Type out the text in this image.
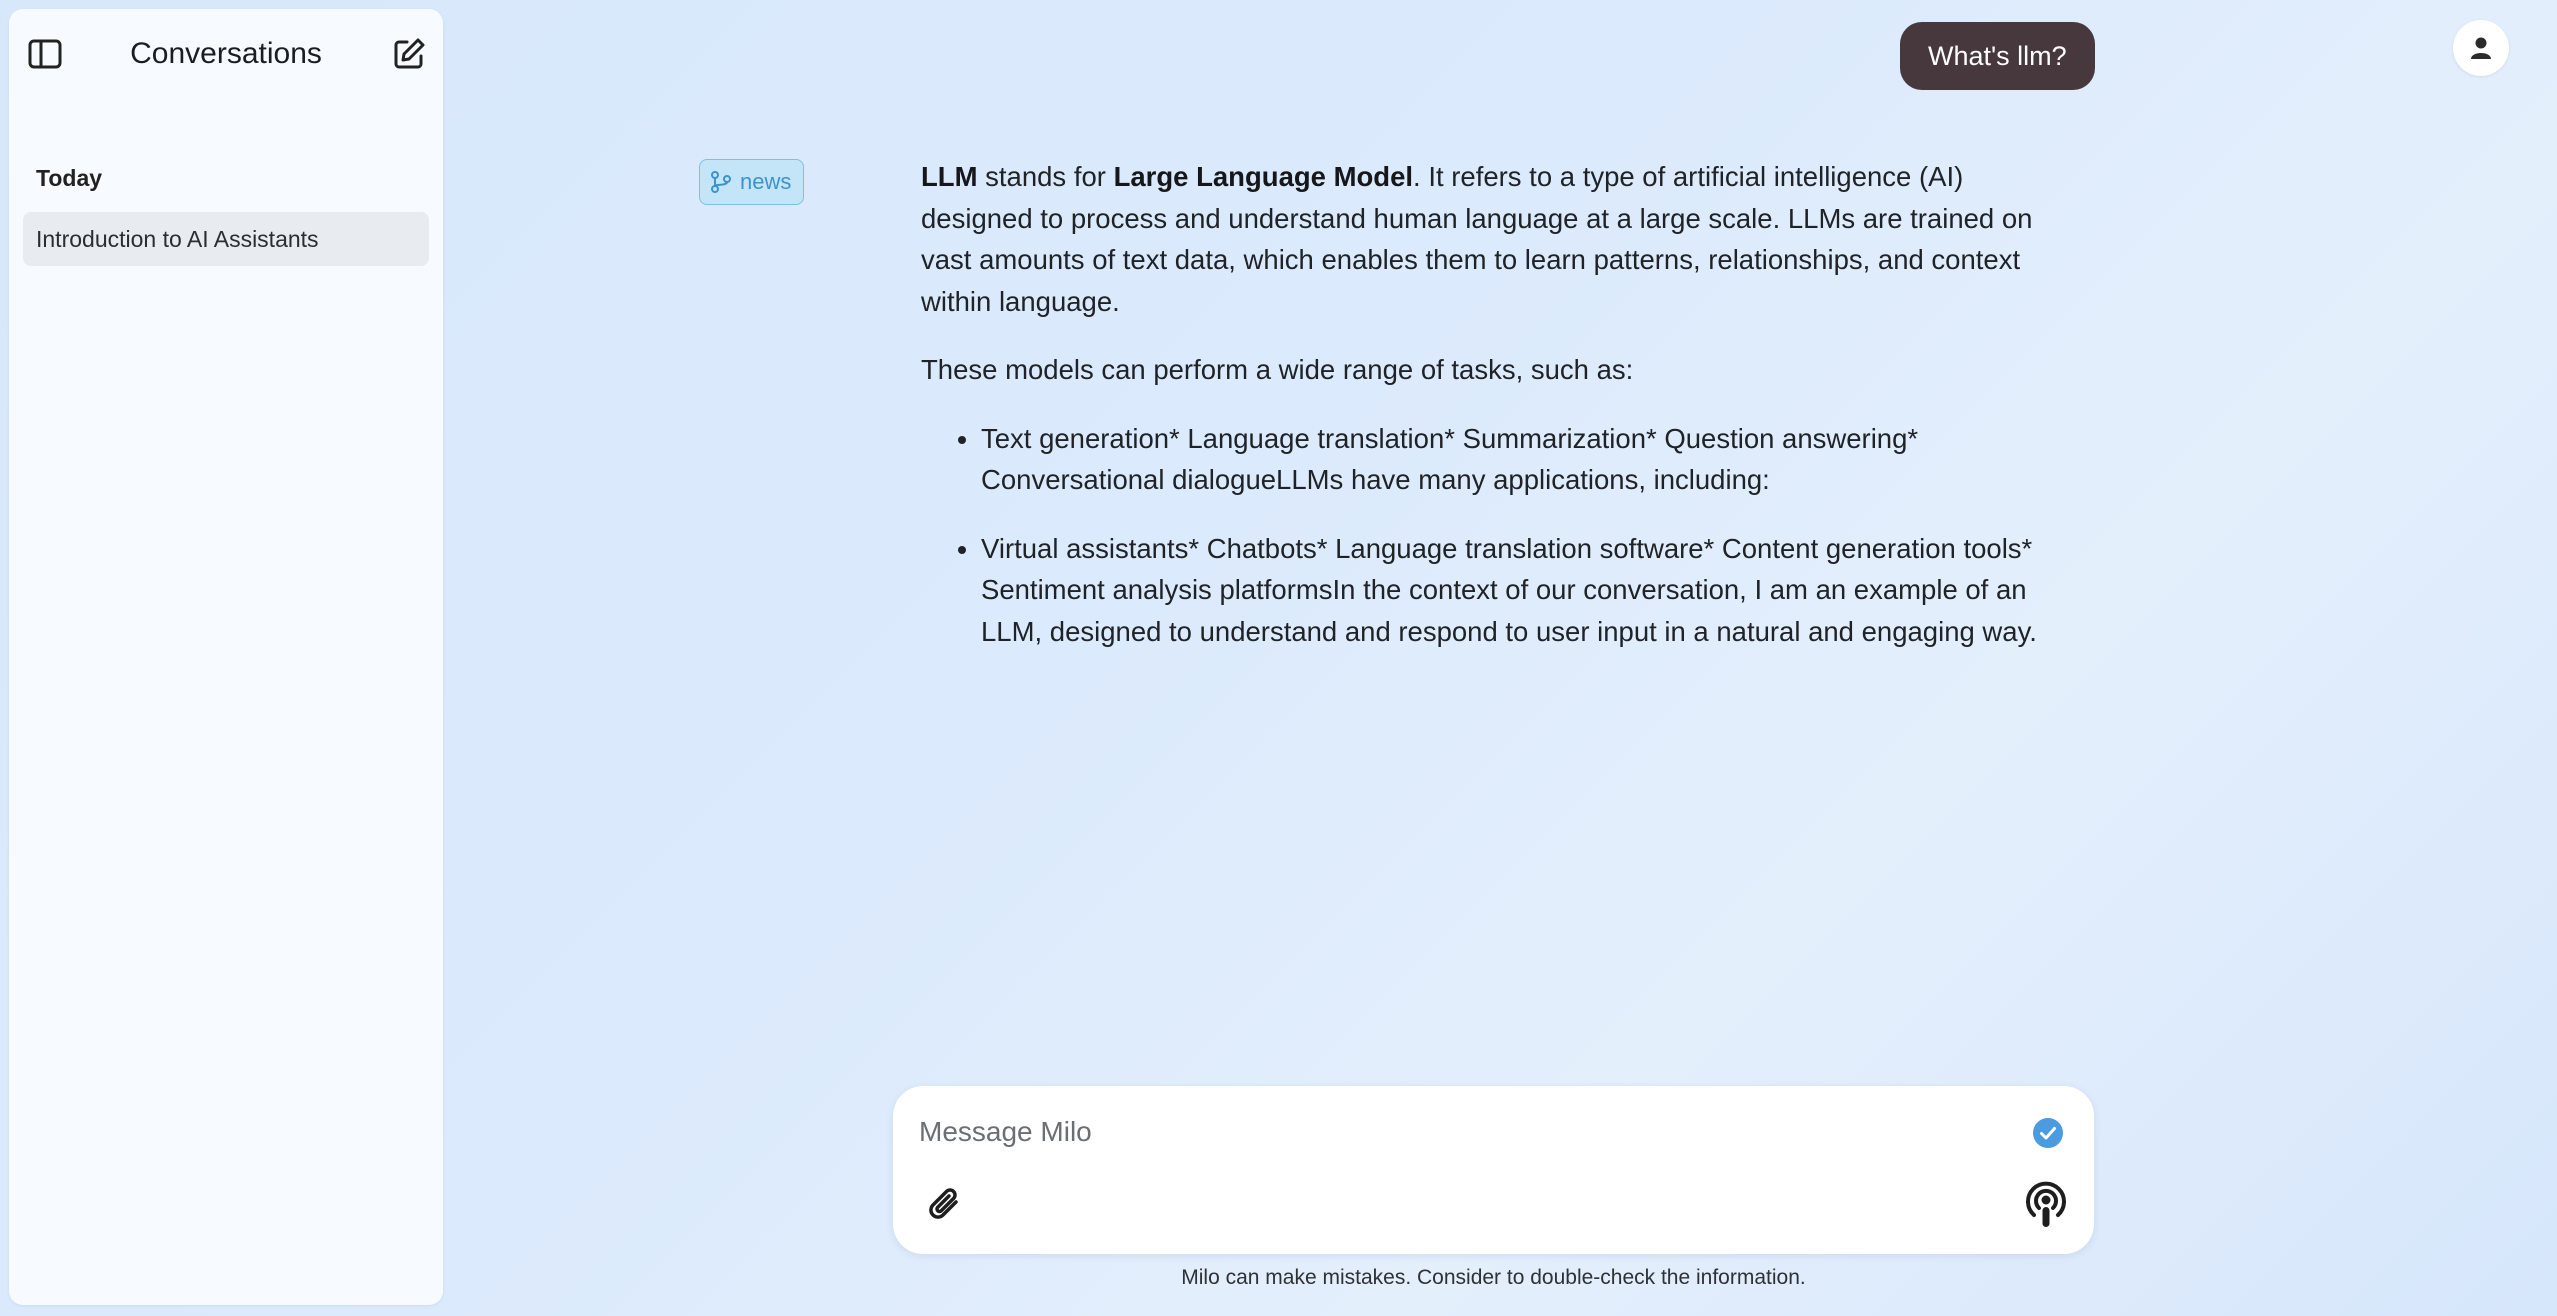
Conversations
Today
Introduction to AI Assistants
What's llm?
news	LLM stands for Large Language Model. It refers to a type of artificial intelligence (AI) designed to process and understand human language at a large scale. LLMs are trained on vast amounts of text data, which enables them to learn patterns, relationships, and context within language.

These models can perform a wide range of tasks, such as:

• Text generation* Language translation* Summarization* Question answering* Conversational dialogueLLMs have many applications, including:
• Virtual assistants* Chatbots* Language translation software* Content generation tools* Sentiment analysis platformsIn the context of our conversation, I am an example of an LLM, designed to understand and respond to user input in a natural and engaging way.
Message Milo
Milo can make mistakes. Consider to double-check the information.
